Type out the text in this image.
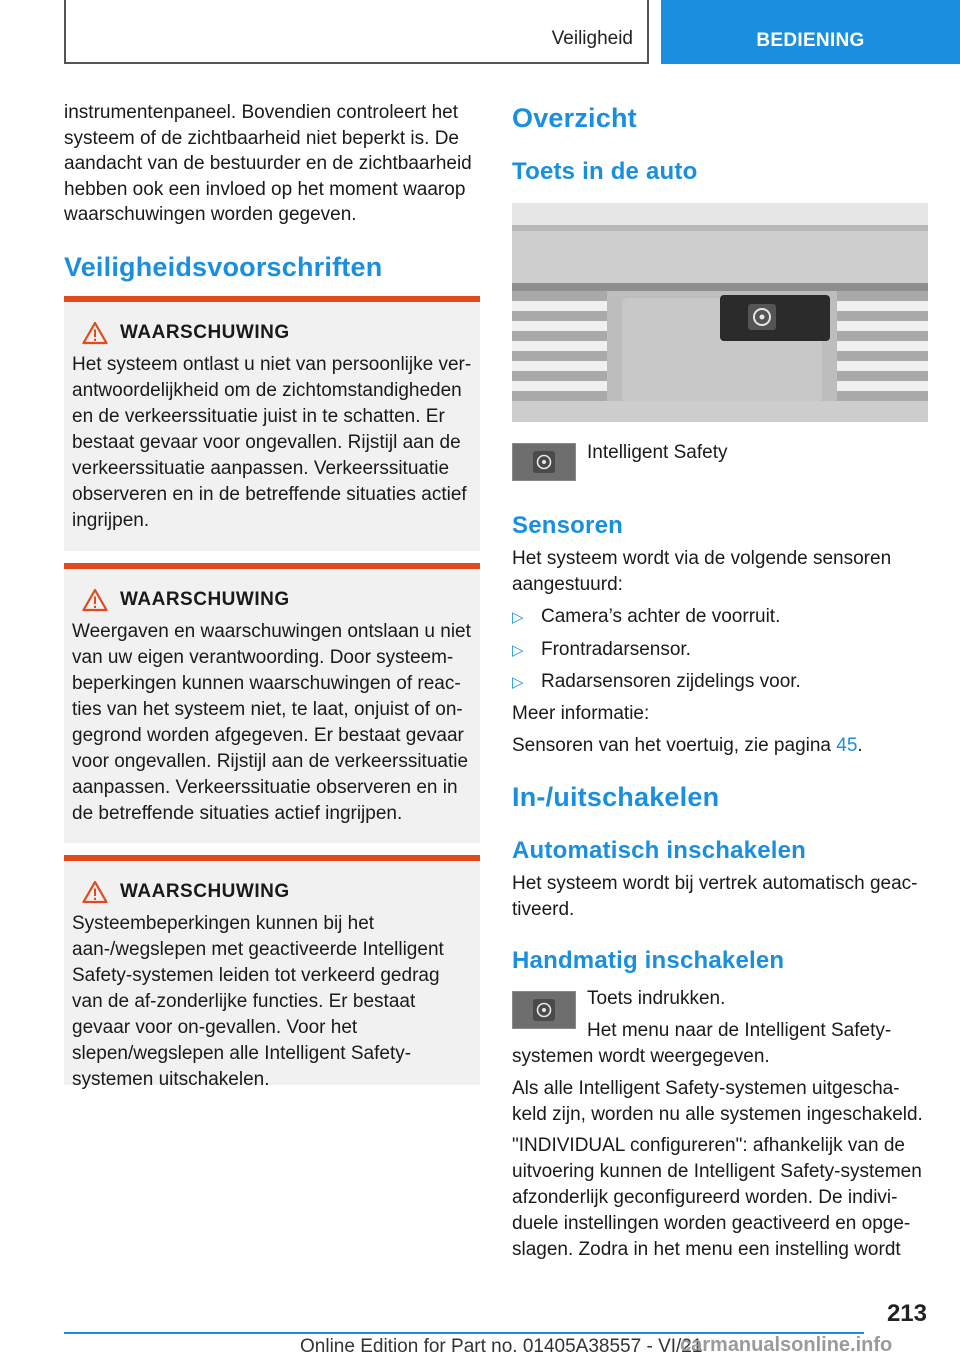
Veiligheid	BEDIENING

instrumentenpaneel. Bovendien controleert het systeem of de zichtbaarheid niet beperkt is. De aandacht van de bestuurder en de zichtbaarheid hebben ook een invloed op het moment waarop waarschuwingen worden gegeven.

Veiligheidsvoorschriften
WAARSCHUWING

Het systeem ontlast u niet van persoonlijke ver‐antwoordelijkheid om de zichtomstandigheden en de verkeerssituatie juist in te schatten. Er bestaat gevaar voor ongevallen. Rijstijl aan de verkeerssituatie aanpassen. Verkeerssituatie observeren en in de betreffende situaties actief ingrijpen.

WAARSCHUWING

Weergaven en waarschuwingen ontslaan u niet van uw eigen verantwoording. Door systeem‐beperkingen kunnen waarschuwingen of reac‐ties van het systeem niet, te laat, onjuist of on‐gegrond worden afgegeven. Er bestaat gevaar voor ongevallen. Rijstijl aan de verkeerssituatie aanpassen. Verkeerssituatie observeren en in de betreffende situaties actief ingrijpen.

WAARSCHUWING

Systeembeperkingen kunnen bij het aan-/wegslepen met geactiveerde Intelligent Safety-systemen leiden tot verkeerd gedrag van de af‐zonderlijke functies. Er bestaat gevaar voor on‐gevallen. Voor het slepen/wegslepen alle Intelligent Safety-systemen uitschakelen.

Overzicht
Toets in de auto
Intelligent Safety
Sensoren

Het systeem wordt via de volgende sensoren aangestuurd:

▷ Camera’s achter de voorruit.
▷ Frontradarsensor.
▷ Radarsensoren zijdelings voor.

Meer informatie:

Sensoren van het voertuig, zie pagina 45.

In-/uitschakelen
Automatisch inschakelen

Het systeem wordt bij vertrek automatisch geac‐tiveerd.

Handmatig inschakelen
Toets indrukken.

Het menu naar de Intelligent Safety-systemen wordt weergegeven.

Als alle Intelligent Safety-systemen uitgescha‐keld zijn, worden nu alle systemen ingeschakeld.

"INDIVIDUAL configureren": afhankelijk van de uitvoering kunnen de Intelligent Safety-systemen afzonderlijk geconfigureerd worden. De indivi‐duele instellingen worden geactiveerd en opge‐slagen. Zodra in het menu een instelling wordt

213
Online Edition for Part no. 01405A38557 - VI/21
carmanualsonline.info
